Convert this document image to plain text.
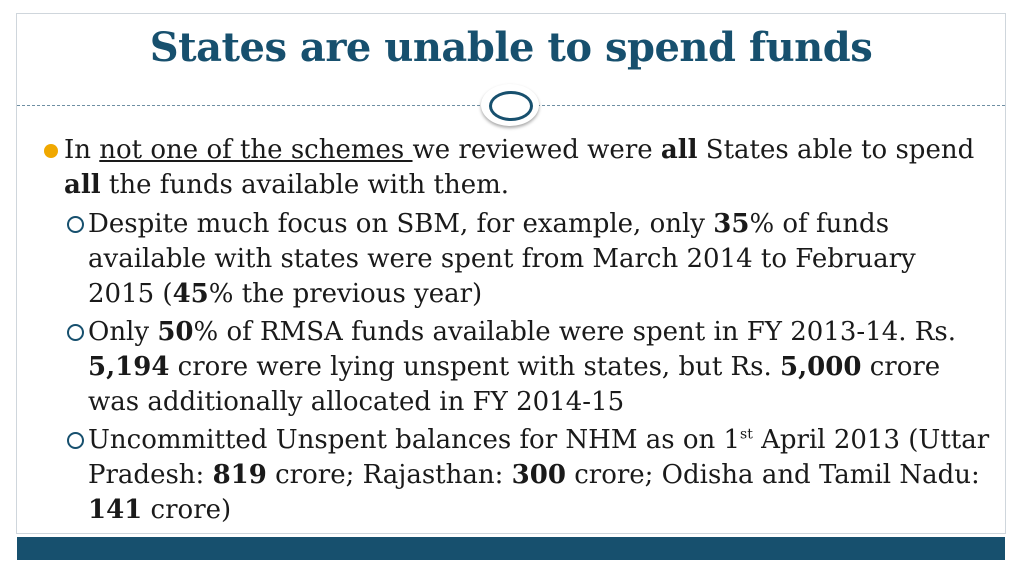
States are unable to spend funds
In not one of the schemes we reviewed were all States able to spend all the funds available with them.
Despite much focus on SBM, for example, only 35% of funds available with states were spent from March 2014 to February 2015 (45% the previous year)
Only 50% of RMSA funds available were spent in FY 2013-14. Rs. 5,194 crore were lying unspent with states, but Rs. 5,000 crore was additionally allocated in FY 2014-15
Uncommitted Unspent balances for NHM as on 1st April 2013 (Uttar Pradesh: 819 crore; Rajasthan: 300 crore; Odisha and Tamil Nadu: 141 crore)
